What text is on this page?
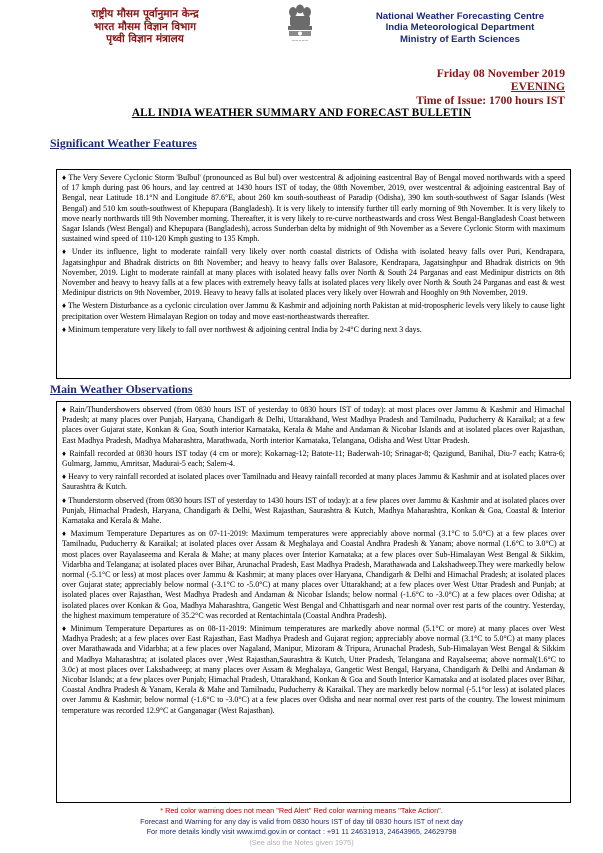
राष्ट्रीय मौसम पूर्वानुमान केन्द्र
भारत मौसम विज्ञान विभाग
पृथ्वी विज्ञान मंत्रालय	~~~~~
National Weather Forecasting Centre
India Meteorological Department
Ministry of Earth Sciences
Friday 08 November 2019
EVENING
Time of Issue: 1700 hours IST
ALL INDIA WEATHER SUMMARY AND FORECAST BULLETIN
Significant Weather Features

♦ The Very Severe Cyclonic Storm 'Bulbul' (pronounced as Bul bul) over westcentral & adjoining eastcentral Bay of Bengal moved northwards with a speed of 17 kmph during past 06 hours, and lay centred at 1430 hours IST of today, the 08th November, 2019, over westcentral & adjoining eastcentral Bay of Bengal, near Latitude 18.1°N and Longitude 87.6°E, about 260 km south-southeast of Paradip (Odisha), 390 km south-southwest of Sagar Islands (West Bengal) and 510 km south-southwest of Khepupara (Bangladesh). It is very likely to intensify further till early morning of 9th November. It is very likely to move nearly northwards till 9th November morning. Thereafter, it is very likely to re-curve northeastwards and cross West Bengal-Bangladesh Coast between Sagar Islands (West Bengal) and Khepupara (Bangladesh), across Sunderban delta by midnight of 9th November as a Severe Cyclonic Storm with maximum sustained wind speed of 110-120 Kmph gusting to 135 Kmph.

♦ Under its influence, light to moderate rainfall very likely over north coastal districts of Odisha with isolated heavy falls over Puri, Kendrapara, Jagatsinghpur and Bhadrak districts on 8th November; and heavy to heavy falls over Balasore, Kendrapara, Jagatsinghpur and Bhadrak districts on 9th November, 2019. Light to moderate rainfall at many places with isolated heavy falls over North & South 24 Parganas and east Medinipur districts on 8th November and heavy to heavy falls at a few places with extremely heavy falls at isolated places very likely over North & South 24 Parganas and east & west Medinipur districts on 9th November, 2019. Heavy to heavy falls at isolated places very likely over Howrah and Hooghly on 9th November, 2019.

♦ The Western Disturbance as a cyclonic circulation over Jammu & Kashmir and adjoining north Pakistan at mid-tropospheric levels very likely to cause light precipitation over Western Himalayan Region on today and move east-northeastwards thereafter.

♦ Minimum temperature very likely to fall over northwest & adjoining central India by 2-4°C during next 3 days.

Main Weather Observations

♦ Rain/Thundershowers observed (from 0830 hours IST of yesterday to 0830 hours IST of today): at most places over Jammu & Kashmir and Himachal Pradesh; at many places over Punjab, Haryana, Chandigarh & Delhi, Uttarakhand, West Madhya Pradesh and Tamilnadu, Puducherry & Karaikal; at a few places over Gujarat state, Konkan & Goa, South interior Karnataka, Kerala & Mahe and Andaman & Nicobar Islands and at isolated places over Rajasthan, East Madhya Pradesh, Madhya Maharashtra, Marathwada, North interior Karnataka, Telangana, Odisha and West Uttar Pradesh.

♦ Rainfall recorded at 0830 hours IST today (4 cm or more): Kokarnag-12; Batote-11; Baderwah-10; Srinagar-8; Qazigund, Banihal, Diu-7 each; Katra-6; Gulmarg, Jammu, Amritsar, Madurai-5 each; Salem-4.

♦ Heavy to very rainfall recorded at isolated places over Tamilnadu and Heavy rainfall recorded at many places Jammu & Kashmir and at isolated places over Saurashtra & Kutch.

♦ Thunderstorm observed (from 0830 hours IST of yesterday to 1430 hours IST of today): at a few places over Jammu & Kashmir and at isolated places over Punjab, Himachal Pradesh, Haryana, Chandigarh & Delhi, West Rajasthan, Saurashtra & Kutch, Madhya Maharashtra, Konkan & Goa, Coastal & Interior Karnataka and Kerala & Mahe.

♦ Maximum Temperature Departures as on 07-11-2019: Maximum temperatures were appreciably above normal (3.1°C to 5.0°C) at a few places over Tamilnadu, Puducherry & Karaikal; at isolated places over Assam & Meghalaya and Coastal Andhra Pradesh & Yanam; above normal (1.6°C to 3.0°C) at most places over Rayalaseema and Kerala & Mahe; at many places over Interior Karnataka; at a few places over Sub-Himalayan West Bengal & Sikkim, Vidarbha and Telangana; at isolated places over Bihar, Arunachal Pradesh, East Madhya Pradesh, Marathawada and Lakshadweep.They were markedly below normal (-5.1°C or less) at most places over Jammu & Kashmir; at many places over Haryana, Chandigarh & Delhi and Himachal Pradesh; at isolated places over Gujarat state; appreciably below normal (-3.1°C to -5.0°C) at many places over Uttarakhand; at a few places over West Uttar Pradesh and Punjab; at isolated places over Rajasthan, West Madhya Pradesh and Andaman & Nicobar Islands; below normal (-1.6°C to -3.0°C) at a few places over Odisha; at isolated places over Konkan & Goa, Madhya Maharashtra, Gangetic West Bengal and Chhattisgarh and near normal over rest parts of the country. Yesterday, the highest maximum temperature of 35.2°C was recorded at Rentachintala (Coastal Andhra Pradesh).

♦ Minimum Temperature Departures as on 08-11-2019: Minimum temperatures are markedly above normal (5.1°C or more) at many places over West Madhya Pradesh; at a few places over East Rajasthan, East Madhya Pradesh and Gujarat region; appreciably above normal (3.1°C to 5.0°C) at many places over Marathawada and Vidarbha; at a few places over Nagaland, Manipur, Mizoram & Tripura, Arunachal Pradesh, Sub-Himalayan West Bengal & Sikkim and Madhya Maharashtra; at isolated places over ,West Rajasthan,Saurashtra & Kutch, Utter Pradesh, Telangana and Rayalseema; above normal(1.6°C to 3.0c) at most places over Lakshadweep; at many places over Assam & Meghalaya, Gangetic West Bengal, Haryana, Chandigarh & Delhi and Andaman & Nicobar Islands; at a few places over Punjab; Himachal Pradesh, Uttarakhand, Konkan & Goa and South Interior Karnataka and at isolated places over Bihar, Coastal Andhra Pradesh & Yanam, Kerala & Mahe and Tamilnadu, Puducherry & Karaikal. They are markedly below normal (-5.1°or less) at isolated places over Jammu & Kashmir; below normal (-1.6°C to -3.0°C) at a few places over Odisha and near normal over rest parts of the country. The lowest minimum temperature was recorded 12.9°C at Ganganagar (West Rajasthan).

* Red color warning does not mean "Red Alert" Red color warning means "Take Action".
Forecast and Warning for any day is valid from 0830 hours IST of day till 0830 hours IST of next day
For more details kindly visit www.imd.gov.in or contact : +91 11 24631913, 24643965, 24629798
(See also the Notes given 1975)
